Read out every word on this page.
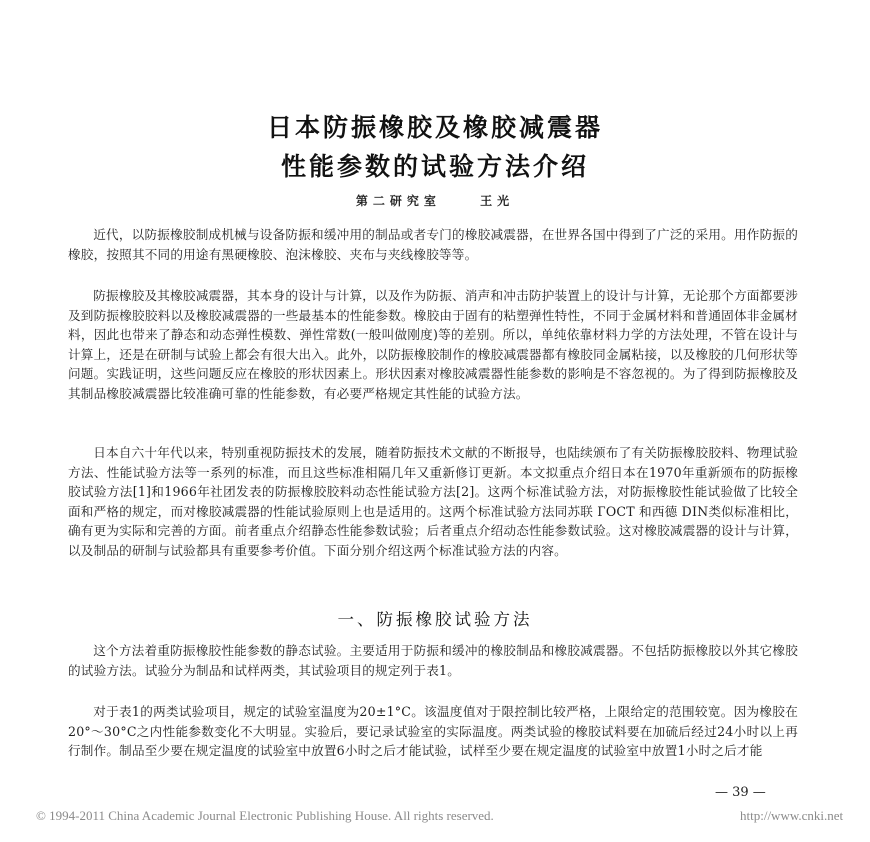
日本防振橡胶及橡胶减震器
性能参数的试验方法介绍
第二研究室 王光

近代，以防振橡胶制成机械与设备防振和缓冲用的制品或者专门的橡胶减震器，在世界各国中得到了广泛的采用。用作防振的橡胶，按照其不同的用途有黑硬橡胶、泡沫橡胶、夹布与夹线橡胶等等。

防振橡胶及其橡胶减震器，其本身的设计与计算，以及作为防振、消声和冲击防护装置上的设计与计算，无论那个方面都要涉及到防振橡胶胶料以及橡胶减震器的一些最基本的性能参数。橡胶由于固有的粘塑弹性特性，不同于金属材料和普通固体非金属材料，因此也带来了静态和动态弹性模数、弹性常数(一般叫做刚度)等的差别。所以，单纯依靠材料力学的方法处理，不管在设计与计算上，还是在研制与试验上都会有很大出入。此外，以防振橡胶制作的橡胶减震器都有橡胶同金属粘接，以及橡胶的几何形状等问题。实践证明，这些问题反应在橡胶的形状因素上。形状因素对橡胶减震器性能参数的影响是不容忽视的。为了得到防振橡胶及其制品橡胶减震器比较准确可靠的性能参数，有必要严格规定其性能的试验方法。

日本自六十年代以来，特别重视防振技术的发展，随着防振技术文献的不断报导，也陆续颁布了有关防振橡胶胶料、物理试验方法、性能试验方法等一系列的标准，而且这些标准相隔几年又重新修订更新。本文拟重点介绍日本在1970年重新颁布的防振橡胶试验方法[1]和1966年社团发表的防振橡胶胶料动态性能试验方法[2]。这两个标准试验方法，对防振橡胶性能试验做了比较全面和严格的规定，而对橡胶减震器的性能试验原则上也是适用的。这两个标准试验方法同苏联 ГОСТ 和西德 DIN类似标准相比，确有更为实际和完善的方面。前者重点介绍静态性能参数试验；后者重点介绍动态性能参数试验。这对橡胶减震器的设计与计算，以及制品的研制与试验都具有重要参考价值。下面分别介绍这两个标准试验方法的内容。

一、防振橡胶试验方法

这个方法着重防振橡胶性能参数的静态试验。主要适用于防振和缓冲的橡胶制品和橡胶减震器。不包括防振橡胶以外其它橡胶的试验方法。试验分为制品和试样两类，其试验项目的规定列于表1。

对于表1的两类试验项目，规定的试验室温度为20±1°C。该温度值对于限控制比较严格，上限给定的范围较宽。因为橡胶在20°～30°C之内性能参数变化不大明显。实验后，要记录试验室的实际温度。两类试验的橡胶试料要在加硫后经过24小时以上再行制作。制品至少要在规定温度的试验室中放置6小时之后才能试验，试样至少要在规定温度的试验室中放置1小时之后才能

— 39 —
© 1994-2011 China Academic Journal Electronic Publishing House. All rights reserved.	http://www.cnki.net
